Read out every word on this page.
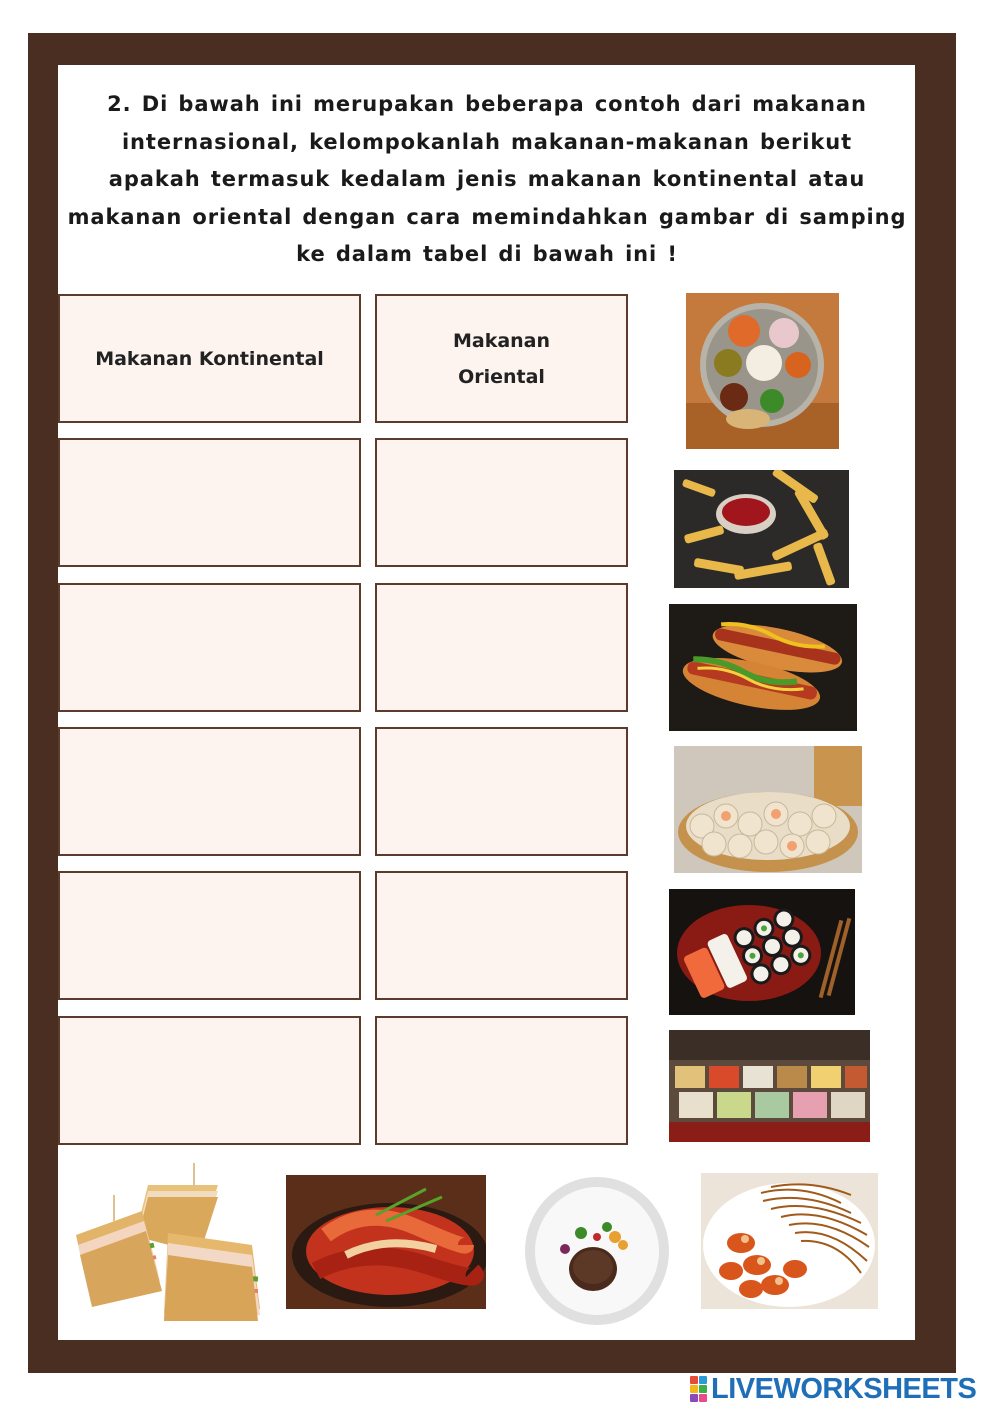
2. Di bawah ini merupakan beberapa contoh dari makanan
internasional, kelompokanlah makanan-makanan berikut
apakah termasuk kedalam jenis makanan kontinental atau
makanan oriental dengan cara memindahkan gambar di samping
ke dalam tabel di bawah ini !
Makanan Kontinental
Makanan
Oriental
LIVEWORKSHEETS
